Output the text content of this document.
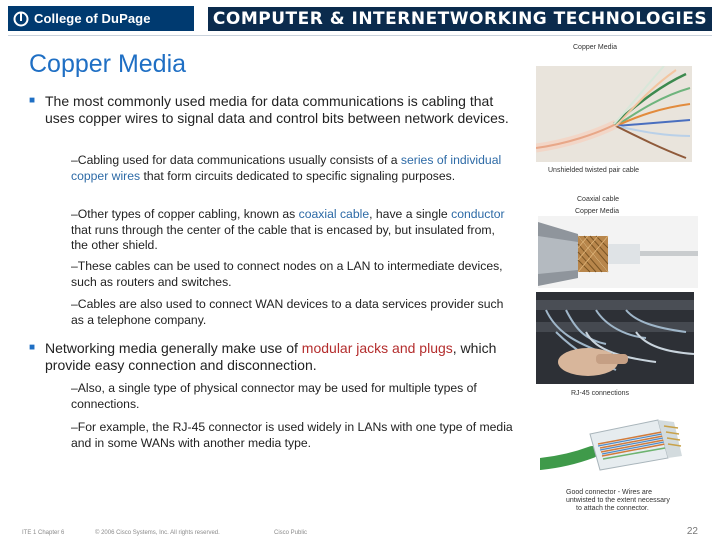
College of DuPage	COMPUTER & INTERNETWORKING TECHNOLOGIES
Copper Media
■ The most commonly used media for data communications is cabling that uses copper wires to signal data and control bits between network devices.
–Cabling used for data communications usually consists of a series of individual copper wires that form circuits dedicated to specific signaling purposes.
–Other types of copper cabling, known as coaxial cable, have a single conductor that runs through the center of the cable that is encased by, but insulated from, the other shield.
–These cables can be used to connect nodes on a LAN to intermediate devices, such as routers and switches.
–Cables are also used to connect WAN devices to a data services provider such as a telephone company.
■ Networking media generally make use of modular jacks and plugs, which provide easy connection and disconnection.
–Also, a single type of physical connector may be used for multiple types of connections.
–For example, the RJ-45 connector is used widely in LANs with one type of media and in some WANs with another media type.
Copper Media
Unshielded twisted pair cable
Coaxial cable
Copper Media
RJ-45 connections
Good connector - Wires are
untwisted to the extent necessary
to attach the connector.
ITE 1 Chapter 6	© 2006 Cisco Systems, Inc. All rights reserved.	Cisco Public	22
